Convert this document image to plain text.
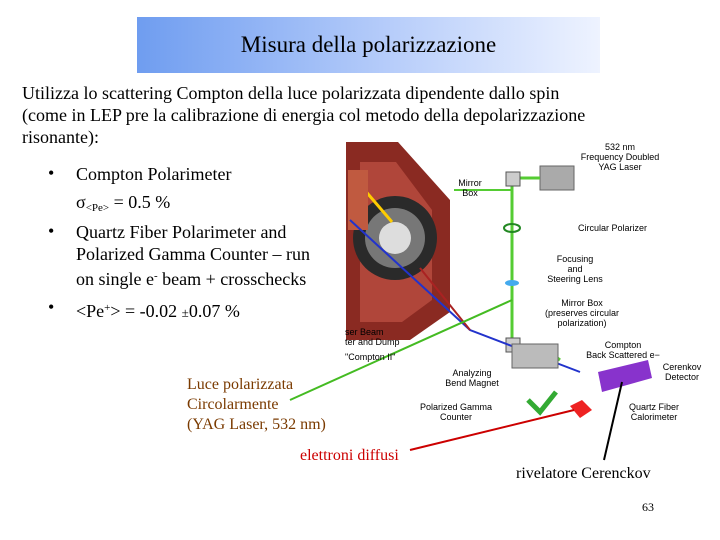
Misura della polarizzazione
Utilizza lo scattering Compton della luce polarizzata dipendente dallo spin
(come in LEP pre la calibrazione di energia col metodo della depolarizzazione
risonante):	532 nm
Frequency Doubled
YAG Laser
Mirror
Box
Circular Polarizer
Focusing
and
Steering Lens
Mirror Box
(preserves circular
polarization)
Compton
Back Scattered e−
ser Beam
ter and Dump
"Compton II"
Analyzing
Bend Magnet
Polarized Gamma
Counter
Cerenkov
Detector
Quartz Fiber
Calorimeter
• Compton Polarimeter
$\sigma_{<Pe>} = 0.5$ %
• Quartz Fiber Polarimeter and
Polarized Gamma Counter – run
on single e- beam + crosschecks
• <Pe+> = -0.02 ±0.07 %
Luce polarizzata
Circolarmente
(YAG Laser, 532 nm)
elettroni diffusi
rivelatore Cerenckov
63
